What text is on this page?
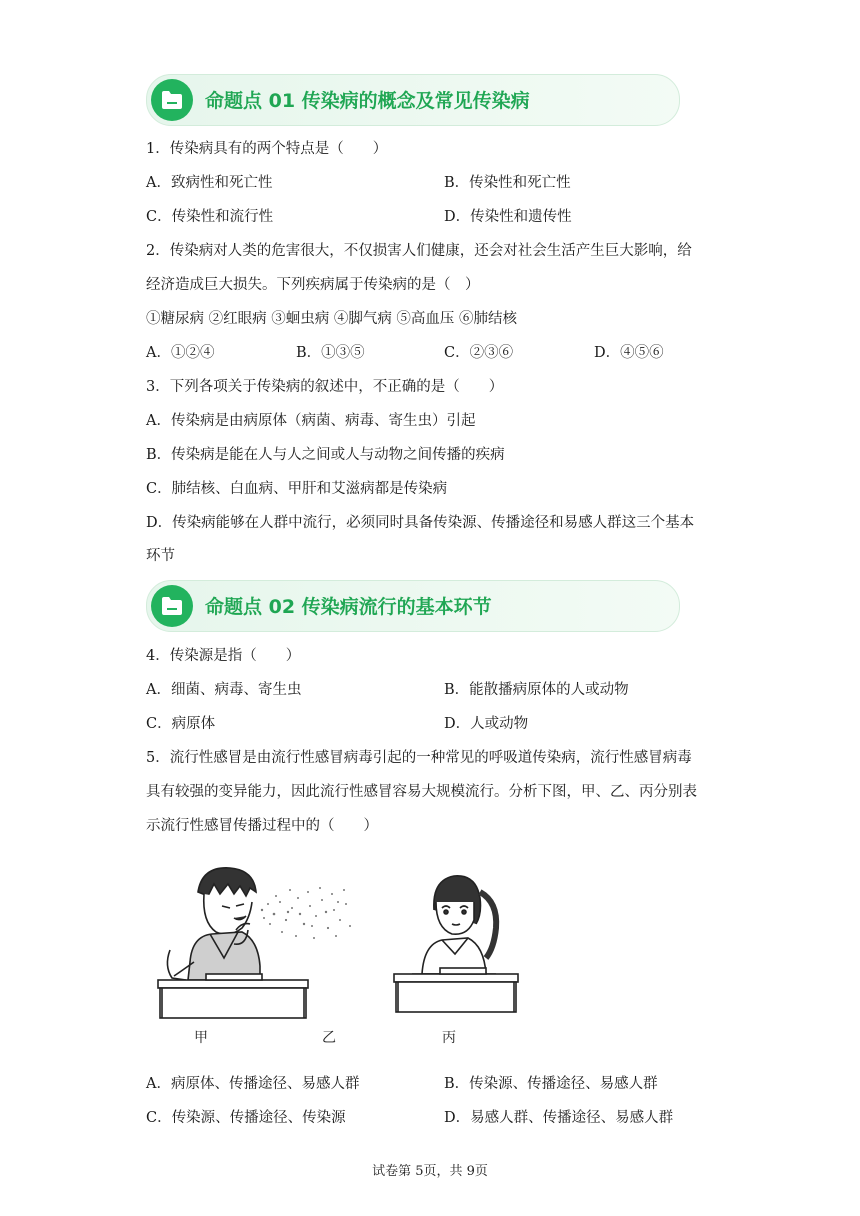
命题点 01 传染病的概念及常见传染病
1．传染病具有的两个特点是（　　）
A．致病性和死亡性	B．传染性和死亡性
C．传染性和流行性	D．传染性和遗传性
2．传染病对人类的危害很大，不仅损害人们健康，还会对社会生活产生巨大影响，给
经济造成巨大损失。下列疾病属于传染病的是（　）
①糖尿病 ②红眼病 ③蛔虫病 ④脚气病 ⑤高血压 ⑥肺结核
A．①②④	B．①③⑤	C．②③⑥	D．④⑤⑥
3．下列各项关于传染病的叙述中，不正确的是（　　）
A．传染病是由病原体（病菌、病毒、寄生虫）引起
B．传染病是能在人与人之间或人与动物之间传播的疾病
C．肺结核、白血病、甲肝和艾滋病都是传染病
D．传染病能够在人群中流行，必须同时具备传染源、传播途径和易感人群这三个基本
环节
命题点 02 传染病流行的基本环节
4．传染源是指（　　）
A．细菌、病毒、寄生虫	B．能散播病原体的人或动物
C．病原体	D．人或动物
5．流行性感冒是由流行性感冒病毒引起的一种常见的呼吸道传染病，流行性感冒病毒
具有较强的变异能力，因此流行性感冒容易大规模流行。分析下图，甲、乙、丙分别表
示流行性感冒传播过程中的（　　）
甲	乙	丙
A．病原体、传播途径、易感人群	B．传染源、传播途径、易感人群
C．传染源、传播途径、传染源	D．易感人群、传播途径、易感人群
试卷第 5页，共 9页
